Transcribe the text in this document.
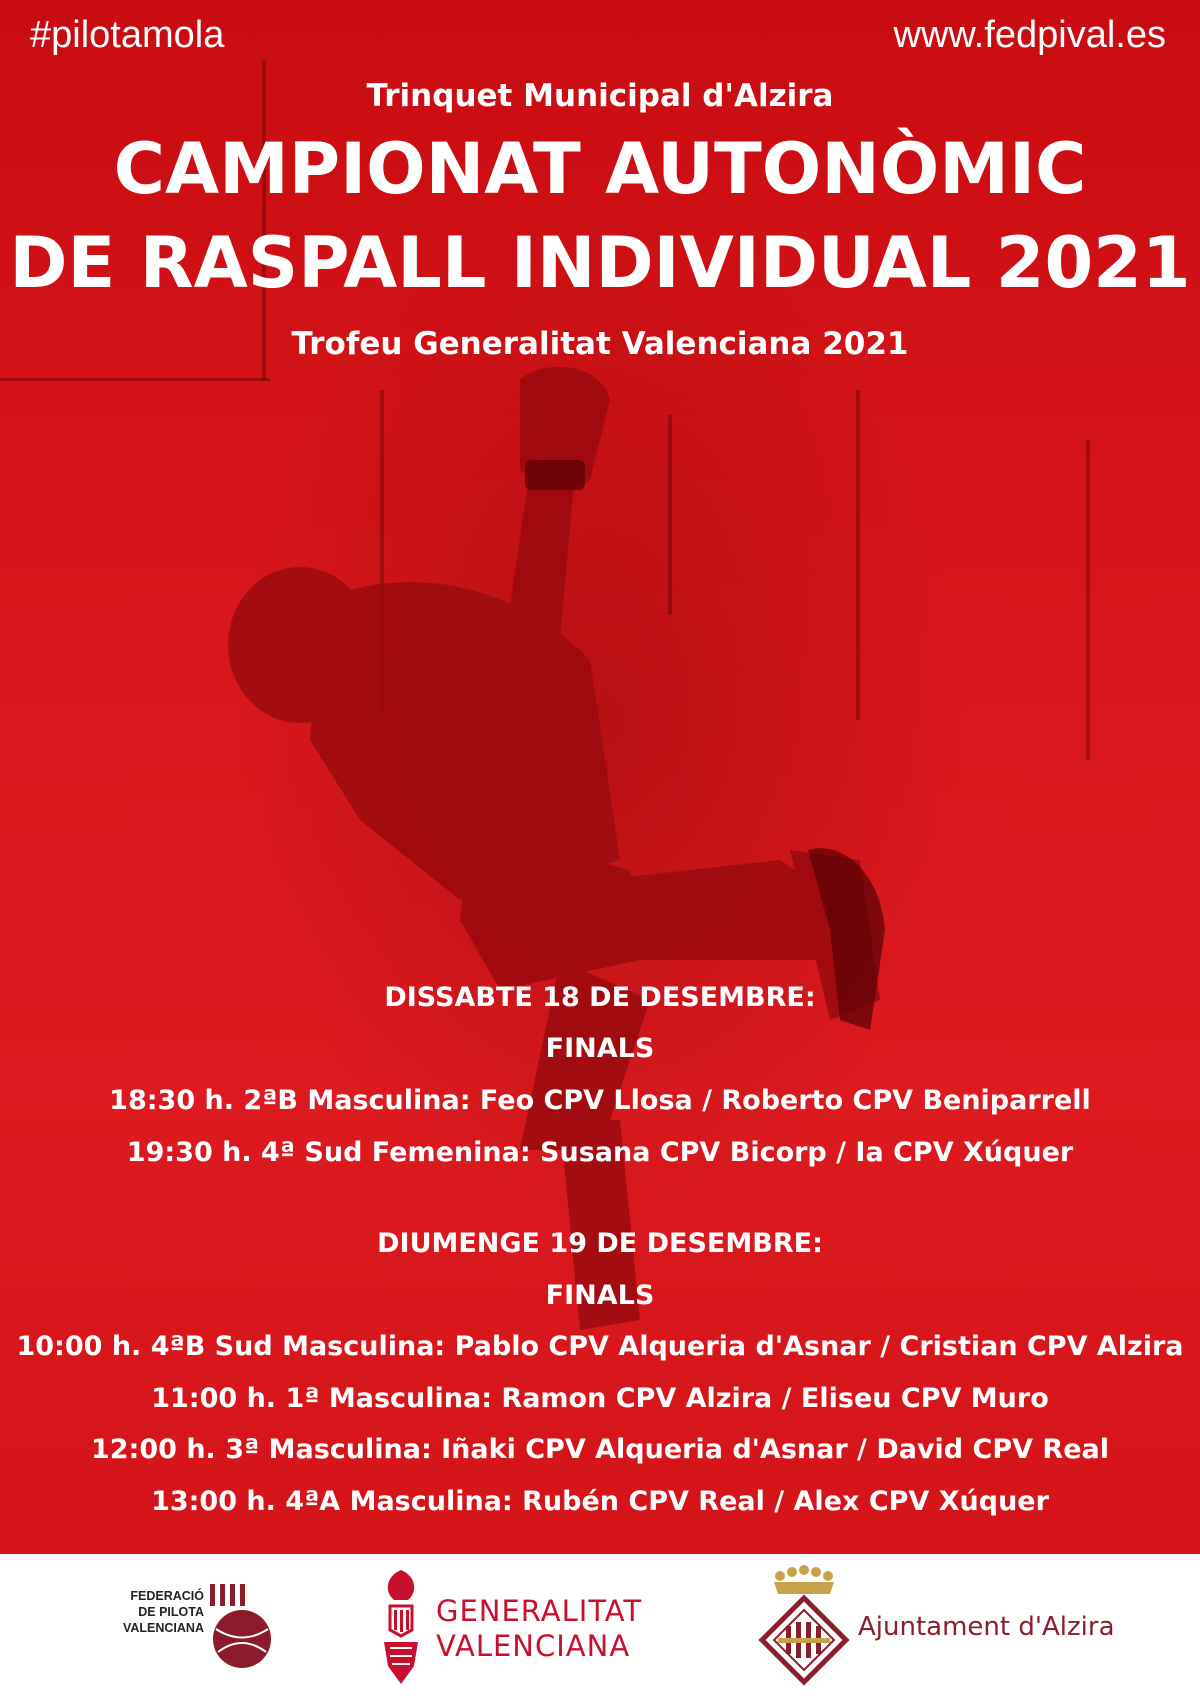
#pilotamola	www.fedpival.es
Trinquet Municipal d'Alzira
CAMPIONAT AUTONÒMIC
DE RASPALL INDIVIDUAL 2021
Trofeu Generalitat Valenciana 2021
DISSABTE 18 DE DESEMBRE:
FINALS
18:30 h. 2ªB Masculina: Feo CPV Llosa / Roberto CPV Beniparrell
19:30 h. 4ª Sud Femenina: Susana CPV Bicorp / Ia CPV Xúquer
DIUMENGE 19 DE DESEMBRE:
FINALS
10:00 h. 4ªB Sud Masculina: Pablo CPV Alqueria d'Asnar / Cristian CPV Alzira
11:00 h. 1ª Masculina: Ramon CPV Alzira / Eliseu CPV Muro
12:00 h. 3ª Masculina: Iñaki CPV Alqueria d'Asnar / David CPV Real
13:00 h. 4ªA Masculina: Rubén CPV Real / Alex CPV Xúquer
FEDERACIÓ
DE PILOTA
VALENCIANA	GENERALITAT
VALENCIANA
Ajuntament d'Alzira
